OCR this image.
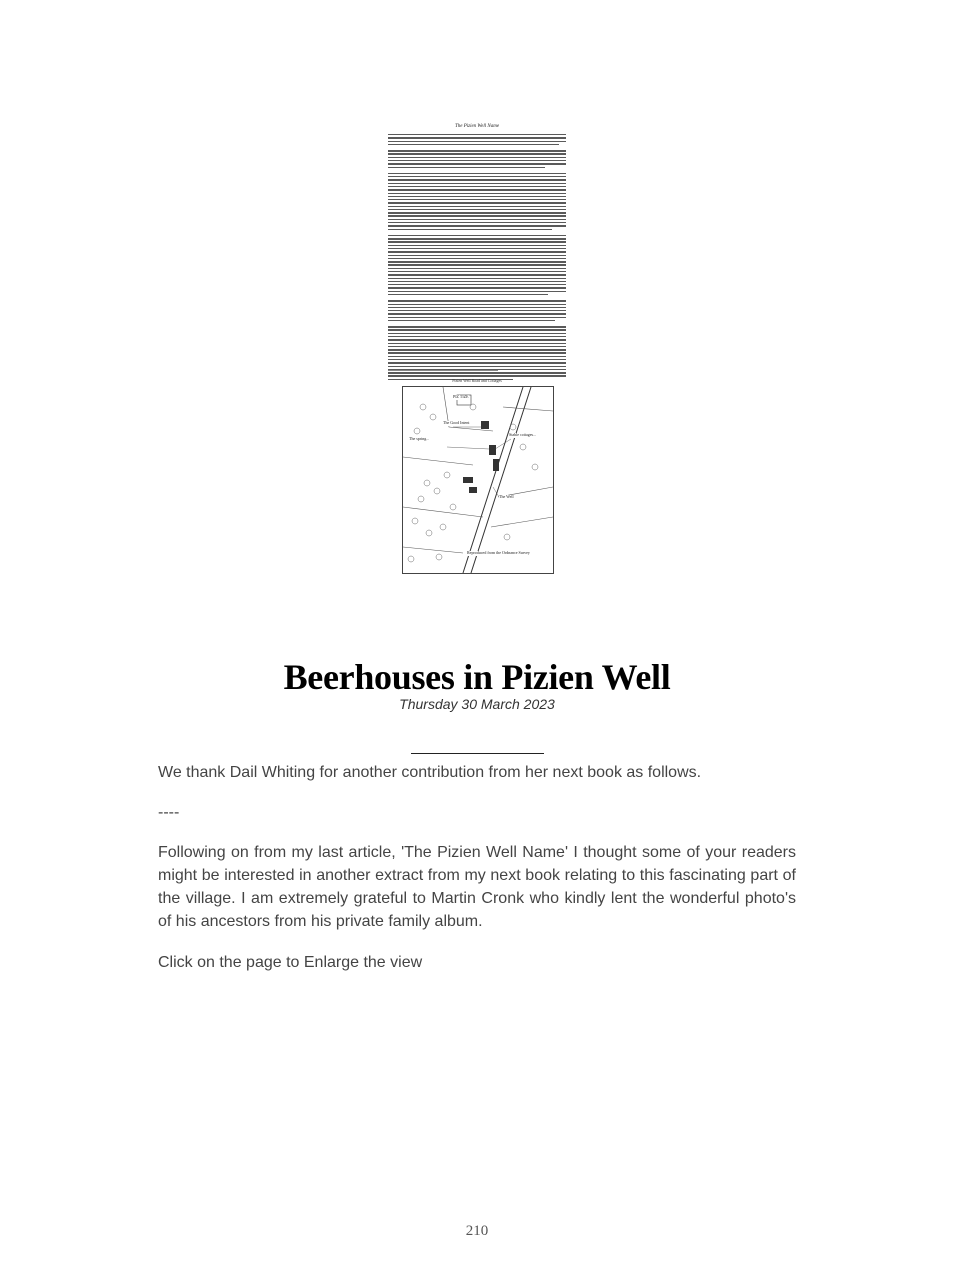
The Pizien Well Name
Pizien Well Road and Cottages
PIZ TIZE
The Good Intent
The spring...
Stable cottages...
The Well
Reproduced from the Ordnance Survey
Beerhouses in Pizien Well
Thursday 30 March 2023

We thank Dail Whiting for another contribution from her next book as follows.

----

Following on from my last article, 'The Pizien Well Name' I thought some of your readers might be interested in another extract from my next book relating to this fascinating part of the village. I am extremely grateful to Martin Cronk who kindly lent the wonderful photo's of his ancestors from his private family album.

Click on the page to Enlarge the view

210
